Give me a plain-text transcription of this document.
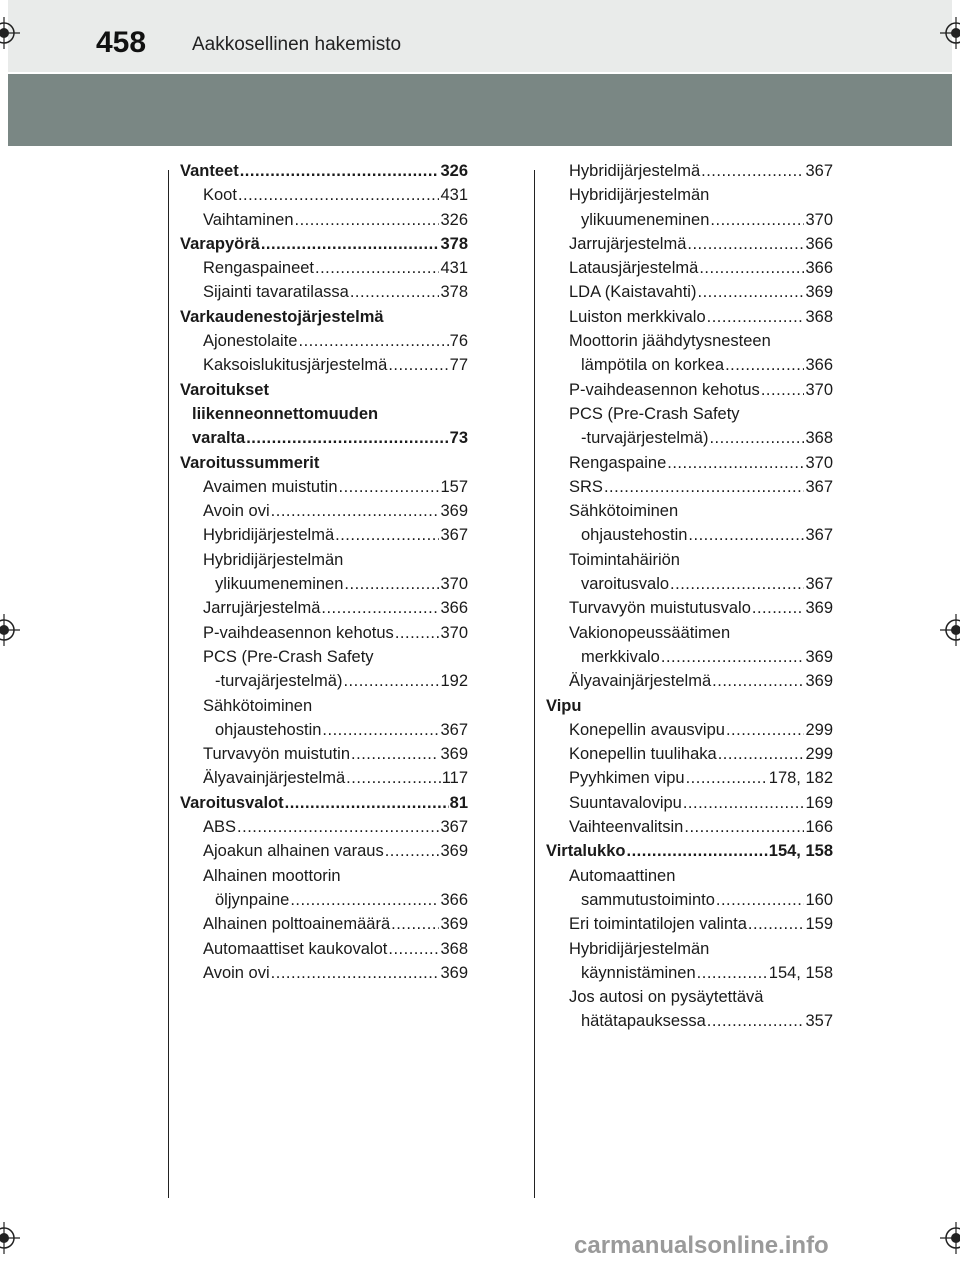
458 Aakkosellinen hakemisto
Vanteet .....	326
Koot .....	431
Vaihtaminen .....	326
Varapyörä .....	378
Rengaspaineet .....	431
Sijainti tavaratilassa .....	378
Varkaudenestojärjestelmä
Ajonestolaite .....	76
Kaksoislukitusjärjestelmä .....	77
Varoitukset
liikenneonnettomuuden
varalta .....	73
Varoitussummerit
Avaimen muistutin .....	157
Avoin ovi .....	369
Hybridijärjestelmä .....	367
Hybridijärjestelmän
ylikuumeneminen .....	370
Jarrujärjestelmä .....	366
P-vaihdeasennon kehotus .....	370
PCS (Pre-Crash Safety
-turvajärjestelmä) .....	192
Sähkötoiminen
ohjaustehostin .....	367
Turvavyön muistutin .....	369
Älyavainjärjestelmä .....	117
Varoitusvalot .....	81
ABS .....	367
Ajoakun alhainen varaus .....	369
Alhainen moottorin
öljynpaine .....	366
Alhainen polttoainemäärä .....	369
Automaattiset kaukovalot .....	368
Avoin ovi .....	369
Hybridijärjestelmä .....	367
Hybridijärjestelmän
ylikuumeneminen .....	370
Jarrujärjestelmä .....	366
Latausjärjestelmä .....	366
LDA (Kaistavahti) .....	369
Luiston merkkivalo .....	368
Moottorin jäähdytysnesteen
lämpötila on korkea .....	366
P-vaihdeasennon kehotus .....	370
PCS (Pre-Crash Safety
-turvajärjestelmä) .....	368
Rengaspaine .....	370
SRS .....	367
Sähkötoiminen
ohjaustehostin .....	367
Toimintahäiriön
varoitusvalo .....	367
Turvavyön muistutusvalo .....	369
Vakionopeussäätimen
merkkivalo .....	369
Älyavainjärjestelmä .....	369
Vipu
Konepellin avausvipu .....	299
Konepellin tuulihaka .....	299
Pyyhkimen vipu .....	178, 182
Suuntavalovipu .....	169
Vaihteenvalitsin .....	166
Virtalukko .....	154, 158
Automaattinen
sammutustoiminto .....	160
Eri toimintatilojen valinta .....	159
Hybridijärjestelmän
käynnistäminen .....	154, 158
Jos autosi on pysäytettävä
hätätapauksessa .....	357
carmanualsonline.info
